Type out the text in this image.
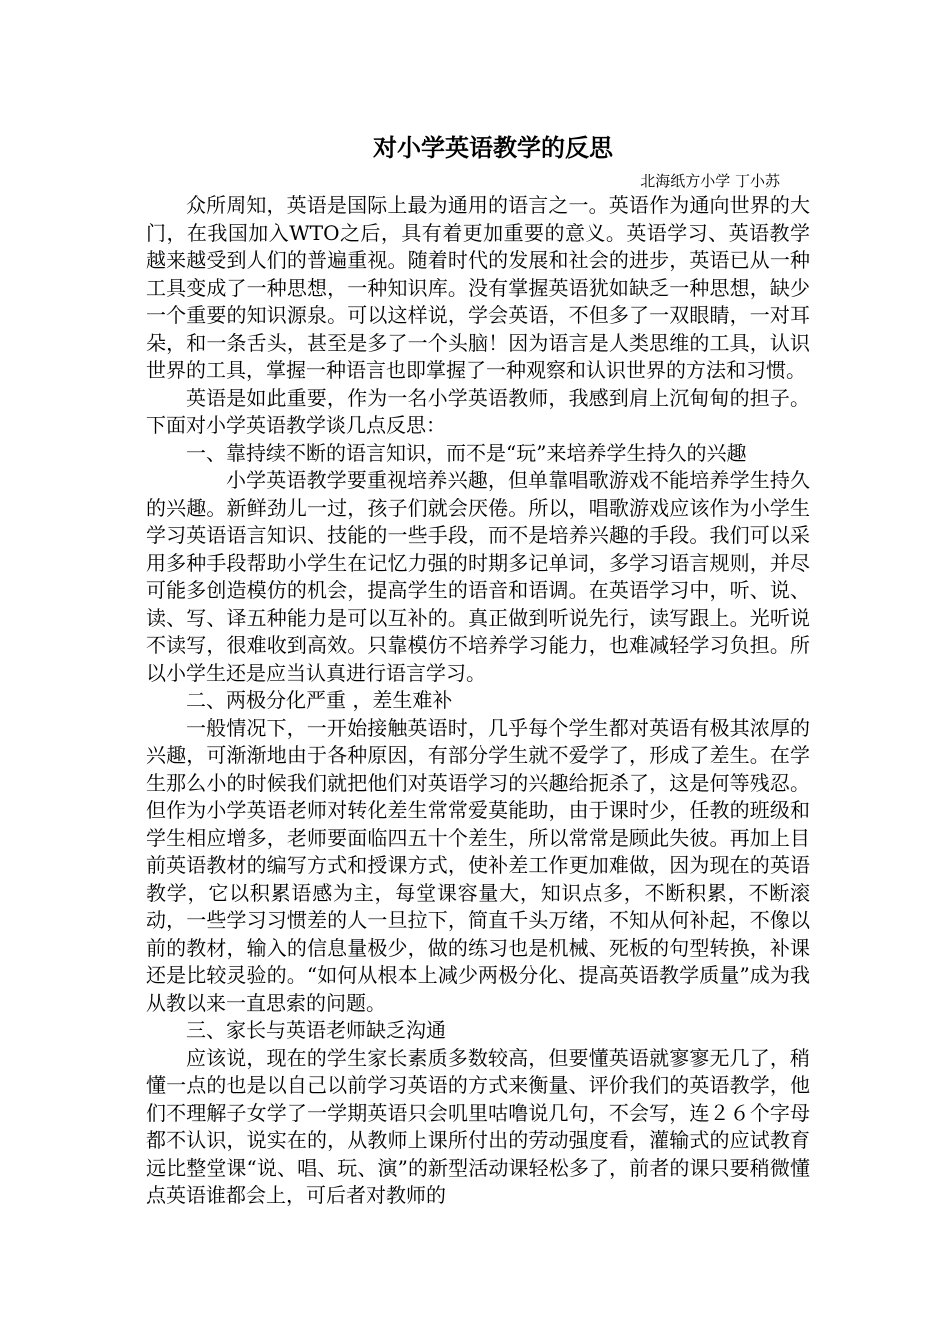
对小学英语教学的反思

北海纸方小学 丁小苏

众所周知，英语是国际上最为通用的语言之一。英语作为通向世界的大门，在我国加入WTO之后，具有着更加重要的意义。英语学习、英语教学越来越受到人们的普遍重视。随着时代的发展和社会的进步，英语已从一种工具变成了一种思想，一种知识库。没有掌握英语犹如缺乏一种思想，缺少一个重要的知识源泉。可以这样说，学会英语，不但多了一双眼睛，一对耳朵，和一条舌头，甚至是多了一个头脑！因为语言是人类思维的工具，认识世界的工具，掌握一种语言也即掌握了一种观察和认识世界的方法和习惯。

英语是如此重要，作为一名小学英语教师，我感到肩上沉甸甸的担子。下面对小学英语教学谈几点反思：

一、靠持续不断的语言知识，而不是“玩”来培养学生持久的兴趣

小学英语教学要重视培养兴趣，但单靠唱歌游戏不能培养学生持久的兴趣。新鲜劲儿一过，孩子们就会厌倦。所以，唱歌游戏应该作为小学生学习英语语言知识、技能的一些手段，而不是培养兴趣的手段。我们可以采用多种手段帮助小学生在记忆力强的时期多记单词，多学习语言规则，并尽可能多创造模仿的机会，提高学生的语音和语调。在英语学习中，听、说、读、写、译五种能力是可以互补的。真正做到听说先行，读写跟上。光听说不读写，很难收到高效。只靠模仿不培养学习能力，也难减轻学习负担。所以小学生还是应当认真进行语言学习。

二、两极分化严重 ，差生难补

一般情况下，一开始接触英语时，几乎每个学生都对英语有极其浓厚的兴趣，可渐渐地由于各种原因，有部分学生就不爱学了，形成了差生。在学生那么小的时候我们就把他们对英语学习的兴趣给扼杀了，这是何等残忍。但作为小学英语老师对转化差生常常爱莫能助，由于课时少，任教的班级和学生相应增多，老师要面临四五十个差生，所以常常是顾此失彼。再加上目前英语教材的编写方式和授课方式，使补差工作更加难做，因为现在的英语教学，它以积累语感为主，每堂课容量大，知识点多，不断积累，不断滚动，一些学习习惯差的人一旦拉下，简直千头万绪，不知从何补起，不像以前的教材，输入的信息量极少，做的练习也是机械、死板的句型转换，补课还是比较灵验的。“如何从根本上减少两极分化、提高英语教学质量”成为我从教以来一直思索的问题。

三、家长与英语老师缺乏沟通

应该说，现在的学生家长素质多数较高，但要懂英语就寥寥无几了，稍懂一点的也是以自己以前学习英语的方式来衡量、评价我们的英语教学，他们不理解子女学了一学期英语只会叽里咕噜说几句，不会写，连２６个字母都不认识，说实在的，从教师上课所付出的劳动强度看，灌输式的应试教育远比整堂课“说、唱、玩、演”的新型活动课轻松多了，前者的课只要稍微懂点英语谁都会上，可后者对教师的
